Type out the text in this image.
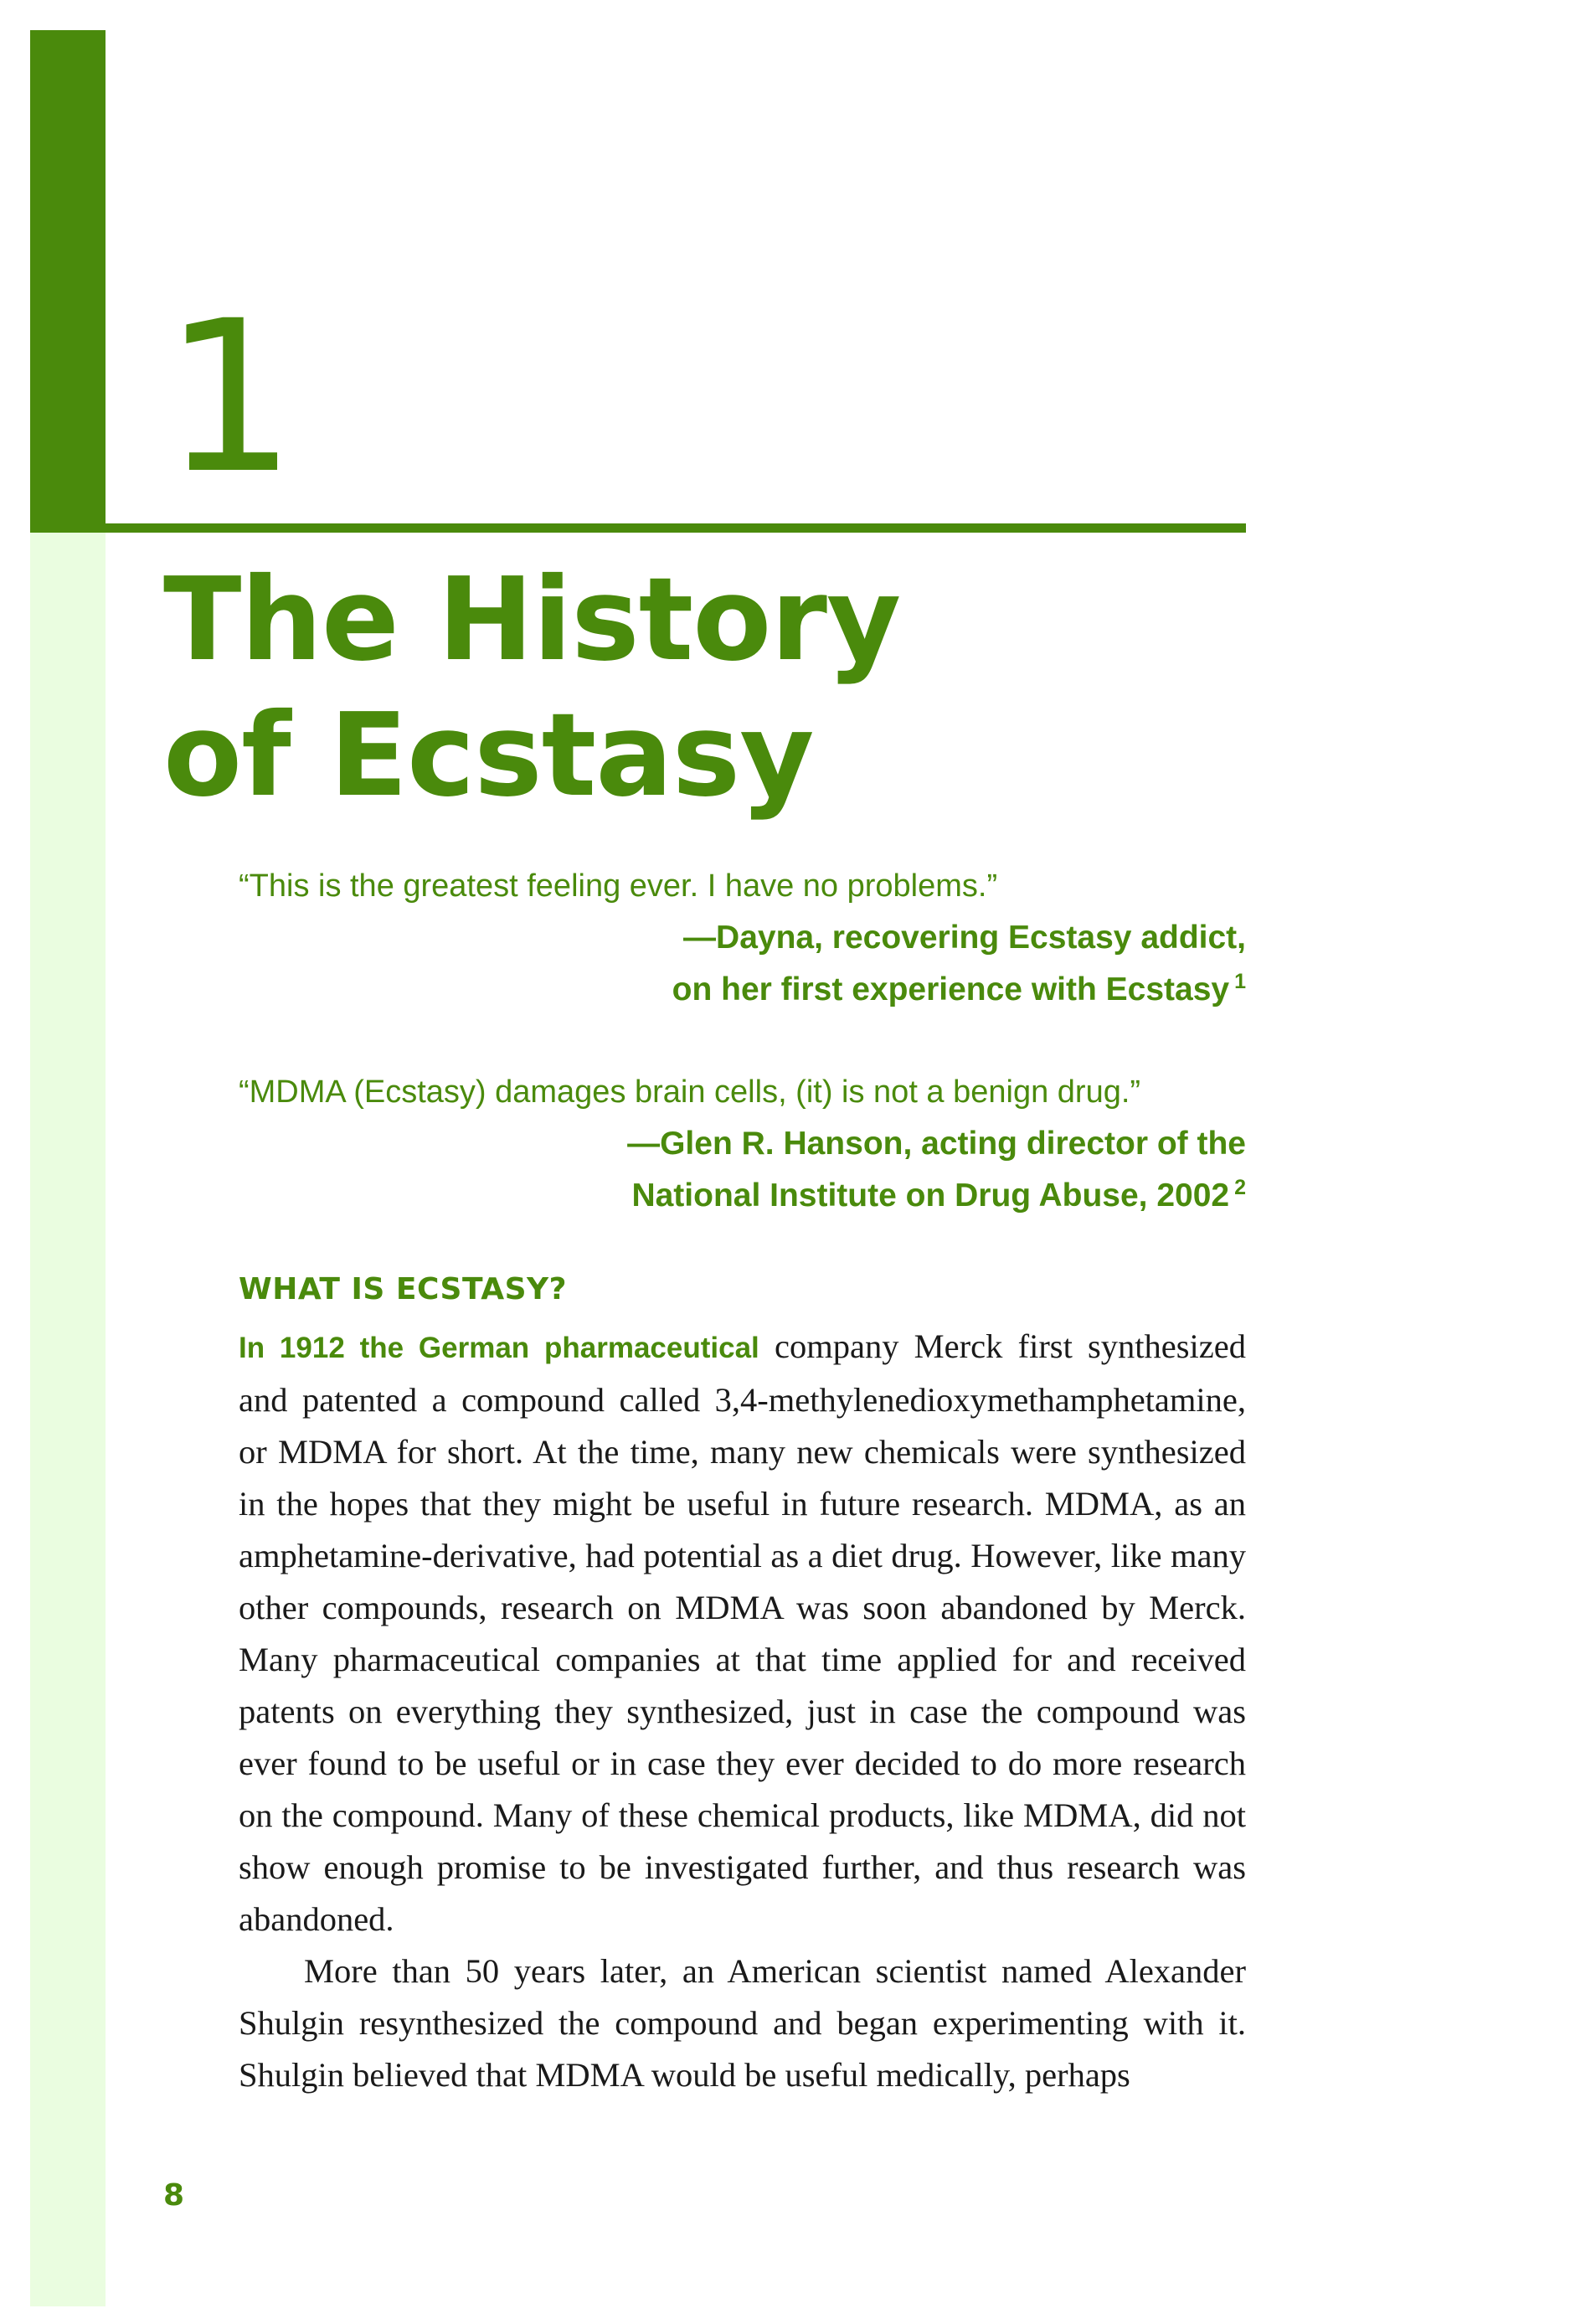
1
The History
of Ecstasy

“This is the greatest feeling ever. I have no problems.”

—Dayna, recovering Ecstasy addict,

on her first experience with Ecstasy $^1$

“MDMA (Ecstasy) damages brain cells, (it) is not a benign drug.”

—Glen R. Hanson, acting director of the

National Institute on Drug Abuse, 2002 $^2$

WHAT IS ECSTASY?

In 1912 the German pharmaceutical company Merck first synthesized and patented a compound called 3,4-methylenedioxymethamphetamine, or MDMA for short. At the time, many new chemicals were synthesized in the hopes that they might be useful in future research. MDMA, as an amphetamine-derivative, had potential as a diet drug. However, like many other compounds, research on MDMA was soon abandoned by Merck. Many pharmaceutical companies at that time applied for and received patents on everything they synthesized, just in case the compound was ever found to be useful or in case they ever decided to do more research on the compound. Many of these chemical products, like MDMA, did not show enough promise to be investigated further, and thus research was abandoned.

More than 50 years later, an American scientist named Alexander Shulgin resynthesized the compound and began experimenting with it. Shulgin believed that MDMA would be useful medically, perhaps

8
